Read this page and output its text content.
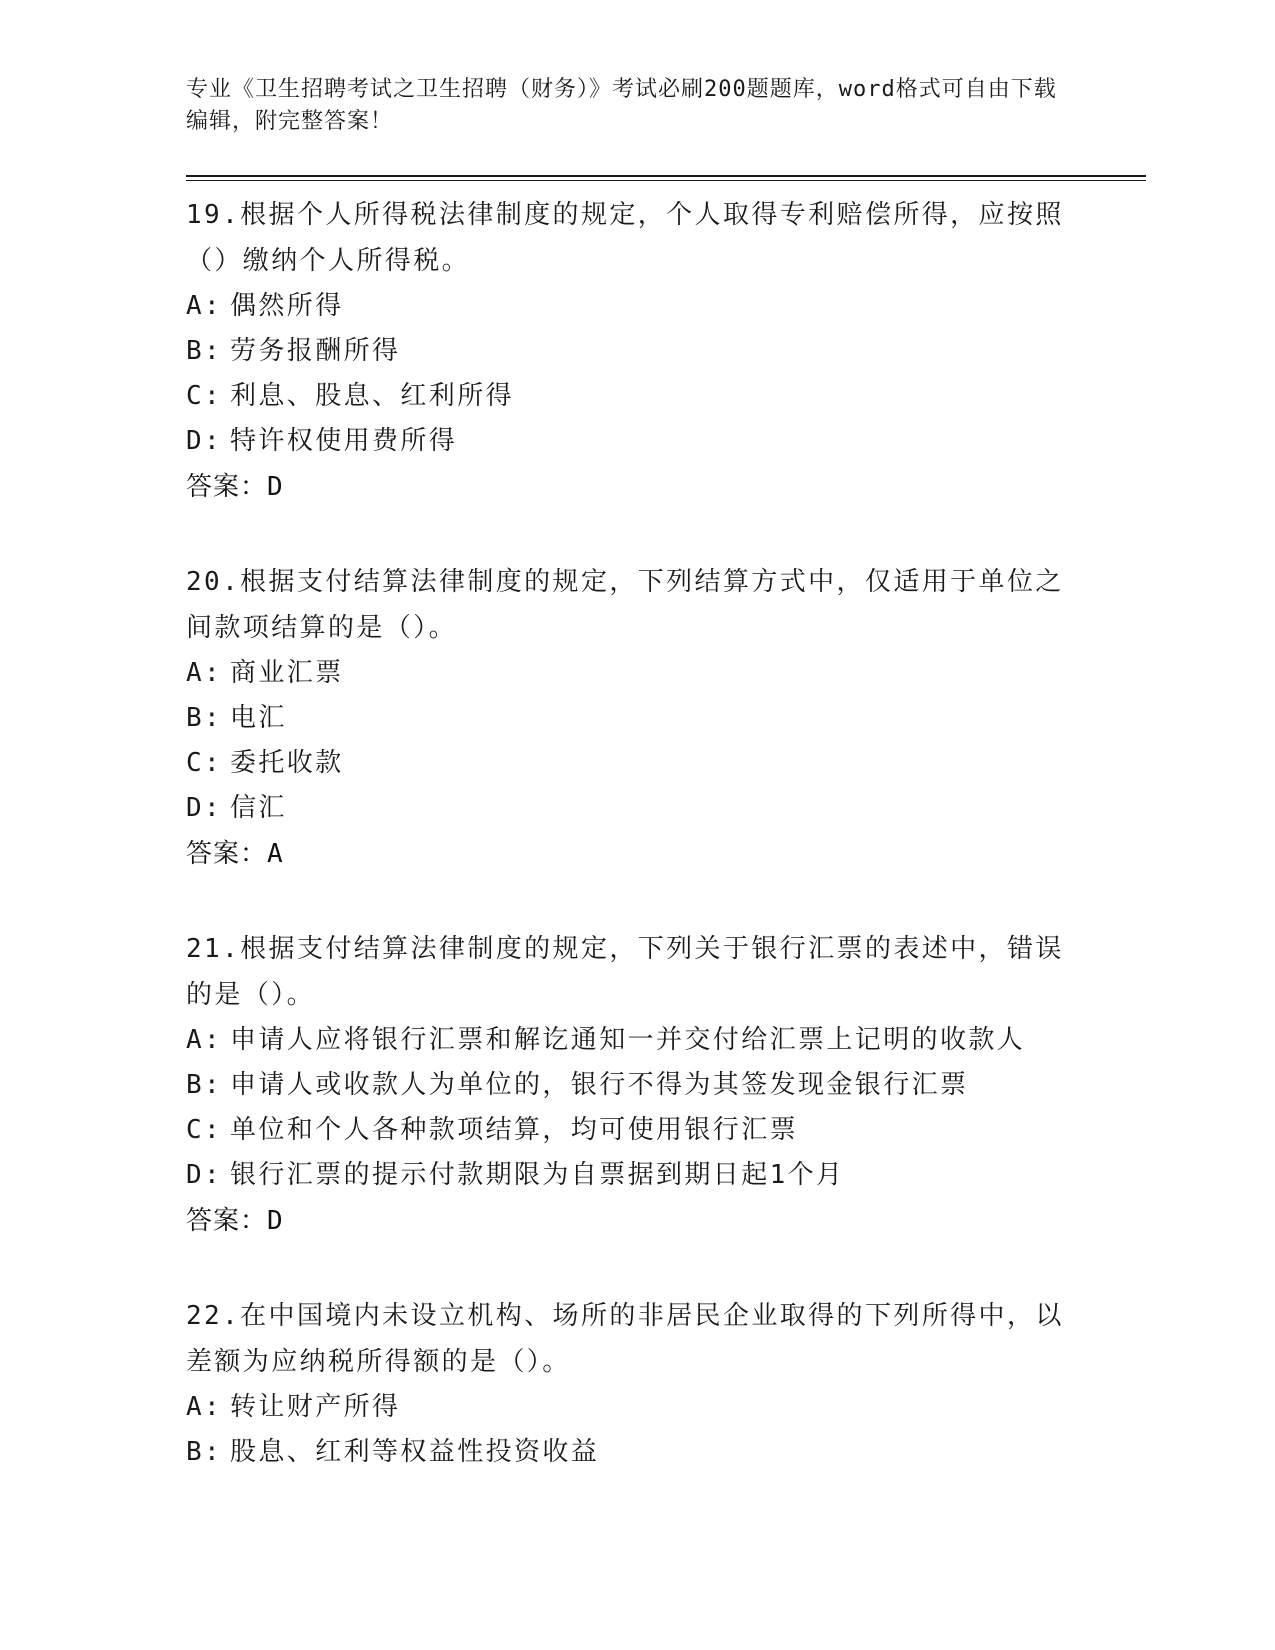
专业《卫生招聘考试之卫生招聘（财务）》考试必刷200题题库，word格式可自由下载编辑，附完整答案！
19.根据个人所得税法律制度的规定，个人取得专利赔偿所得，应按照（）缴纳个人所得税。
A: 偶然所得
B: 劳务报酬所得
C: 利息、股息、红利所得
D: 特许权使用费所得
答案：D
20.根据支付结算法律制度的规定，下列结算方式中，仅适用于单位之间款项结算的是（）。
A: 商业汇票
B: 电汇
C: 委托收款
D: 信汇
答案：A
21.根据支付结算法律制度的规定，下列关于银行汇票的表述中，错误的是（）。
A: 申请人应将银行汇票和解讫通知一并交付给汇票上记明的收款人
B: 申请人或收款人为单位的，银行不得为其签发现金银行汇票
C: 单位和个人各种款项结算，均可使用银行汇票
D: 银行汇票的提示付款期限为自票据到期日起1个月
答案：D
22.在中国境内未设立机构、场所的非居民企业取得的下列所得中，以差额为应纳税所得额的是（）。
A: 转让财产所得
B: 股息、红利等权益性投资收益
